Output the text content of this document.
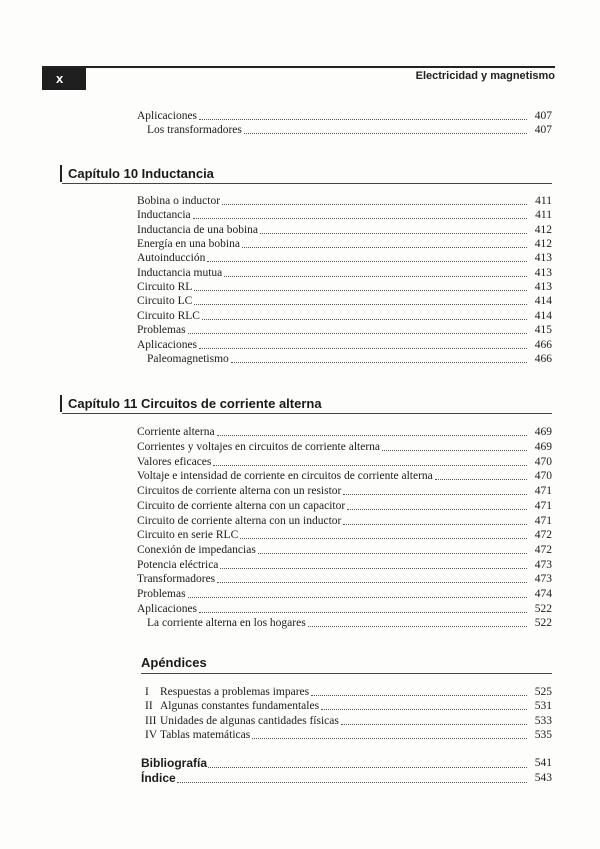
x	Electricidad y magnetismo
Aplicaciones	407
Los transformadores	407
Capítulo 10 Inductancia
Bobina o inductor	411
Inductancia	411
Inductancia de una bobina	412
Energía en una bobina	412
Autoinducción	413
Inductancia mutua	413
Circuito RL	413
Circuito LC	414
Circuito RLC	414
Problemas	415
Aplicaciones	466
Paleomagnetismo	466
Capítulo 11 Circuitos de corriente alterna
Corriente alterna	469
Corrientes y voltajes en circuitos de corriente alterna	469
Valores eficaces	470
Voltaje e intensidad de corriente en circuitos de corriente alterna	470
Circuitos de corriente alterna con un resistor	471
Circuito de corriente alterna con un capacitor	471
Circuito de corriente alterna con un inductor	471
Circuito en serie RLC	472
Conexión de impedancias	472
Potencia eléctrica	473
Transformadores	473
Problemas	474
Aplicaciones	522
La corriente alterna en los hogares	522
Apéndices
I Respuestas a problemas impares	525
II Algunas constantes fundamentales	531
III Unidades de algunas cantidades físicas	533
IV Tablas matemáticas	535
Bibliografía	541
Índice	543
